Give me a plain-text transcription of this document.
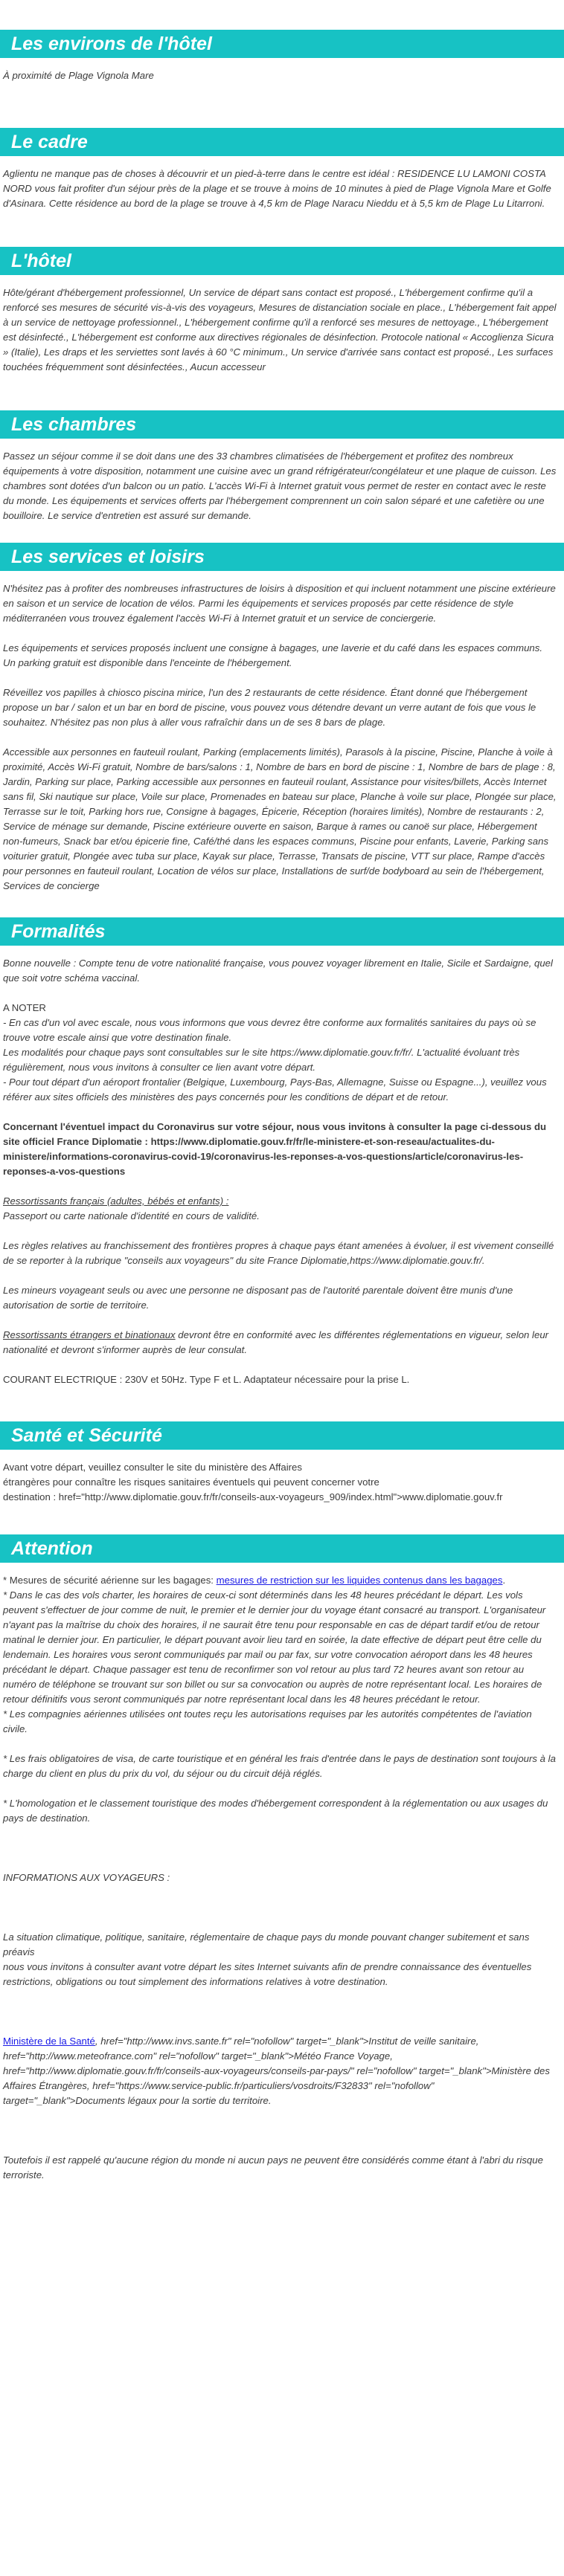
Les environs de l'hôtel

À proximité de Plage Vignola Mare

Le cadre

Aglientu ne manque pas de choses à découvrir et un pied-à-terre dans le centre est idéal : RESIDENCE LU LAMONI COSTA NORD vous fait profiter d'un séjour près de la plage et se trouve à moins de 10 minutes à pied de Plage Vignola Mare et Golfe d'Asinara. Cette résidence au bord de la plage se trouve à 4,5 km de Plage Naracu Nieddu et à 5,5 km de Plage Lu Litarroni.

L'hôtel

Hôte/gérant d'hébergement professionnel, Un service de départ sans contact est proposé., L'hébergement confirme qu'il a renforcé ses mesures de sécurité vis-à-vis des voyageurs, Mesures de distanciation sociale en place., L'hébergement fait appel à un service de nettoyage professionnel., L'hébergement confirme qu'il a renforcé ses mesures de nettoyage., L'hébergement est désinfecté., L'hébergement est conforme aux directives régionales de désinfection. Protocole national « Accoglienza Sicura » (Italie), Les draps et les serviettes sont lavés à 60 °C minimum., Un service d'arrivée sans contact est proposé., Les surfaces touchées fréquemment sont désinfectées., Aucun accesseur

Les chambres

Passez un séjour comme il se doit dans une des 33 chambres climatisées de l'hébergement et profitez des nombreux équipements à votre disposition, notamment une cuisine avec un grand réfrigérateur/congélateur et une plaque de cuisson. Les chambres sont dotées d'un balcon ou un patio. L'accès Wi-Fi à Internet gratuit vous permet de rester en contact avec le reste du monde. Les équipements et services offerts par l'hébergement comprennent un coin salon séparé et une cafetière ou une bouilloire. Le service d'entretien est assuré sur demande.

Les services et loisirs

N'hésitez pas à profiter des nombreuses infrastructures de loisirs à disposition et qui incluent notamment une piscine extérieure en saison et un service de location de vélos. Parmi les équipements et services proposés par cette résidence de style méditerranéen vous trouvez également l'accès Wi-Fi à Internet gratuit et un service de conciergerie.

Les équipements et services proposés incluent une consigne à bagages, une laverie et du café dans les espaces communs. Un parking gratuit est disponible dans l'enceinte de l'hébergement.

Réveillez vos papilles à chiosco piscina mirice, l'un des 2 restaurants de cette résidence. Étant donné que l'hébergement propose un bar / salon et un bar en bord de piscine, vous pouvez vous détendre devant un verre autant de fois que vous le souhaitez. N'hésitez pas non plus à aller vous rafraîchir dans un de ses 8 bars de plage.

Accessible aux personnes en fauteuil roulant, Parking (emplacements limités), Parasols à la piscine, Piscine, Planche à voile à proximité, Accès Wi-Fi gratuit, Nombre de bars/salons : 1, Nombre de bars en bord de piscine : 1, Nombre de bars de plage : 8, Jardin, Parking sur place, Parking accessible aux personnes en fauteuil roulant, Assistance pour visites/billets, Accès Internet sans fil, Ski nautique sur place, Voile sur place, Promenades en bateau sur place, Planche à voile sur place, Plongée sur place, Terrasse sur le toit, Parking hors rue, Consigne à bagages, Épicerie, Réception (horaires limités), Nombre de restaurants : 2, Service de ménage sur demande, Piscine extérieure ouverte en saison, Barque à rames ou canoë sur place, Hébergement non-fumeurs, Snack bar et/ou épicerie fine, Café/thé dans les espaces communs, Piscine pour enfants, Laverie, Parking sans voiturier gratuit, Plongée avec tuba sur place, Kayak sur place, Terrasse, Transats de piscine, VTT sur place, Rampe d'accès pour personnes en fauteuil roulant, Location de vélos sur place, Installations de surf/de bodyboard au sein de l'hébergement, Services de concierge

Formalités

Bonne nouvelle : Compte tenu de votre nationalité française, vous pouvez voyager librement en Italie, Sicile et Sardaigne, quel que soit votre schéma vaccinal.

A NOTER

- En cas d'un vol avec escale, nous vous informons que vous devrez être conforme aux formalités sanitaires du pays où se trouve votre escale ainsi que votre destination finale.

Les modalités pour chaque pays sont consultables sur le site https://www.diplomatie.gouv.fr/fr/. L'actualité évoluant très régulièrement, nous vous invitons à consulter ce lien avant votre départ.

- Pour tout départ d'un aéroport frontalier (Belgique, Luxembourg, Pays-Bas, Allemagne, Suisse ou Espagne...), veuillez vous référer aux sites officiels des ministères des pays concernés pour les conditions de départ et de retour.

Concernant l'éventuel impact du Coronavirus sur votre séjour, nous vous invitons à consulter la page ci-dessous du site officiel France Diplomatie : https://www.diplomatie.gouv.fr/fr/le-ministere-et-son-reseau/actualites-du-ministere/informations-coronavirus-covid-19/coronavirus-les-reponses-a-vos-questions/article/coronavirus-les-reponses-a-vos-questions

Ressortissants français (adultes, bébés et enfants) :

Passeport ou carte nationale d'identité en cours de validité.

Les règles relatives au franchissement des frontières propres à chaque pays étant amenées à évoluer, il est vivement conseillé de se reporter à la rubrique "conseils aux voyageurs" du site France Diplomatie,https://www.diplomatie.gouv.fr/.

Les mineurs voyageant seuls ou avec une personne ne disposant pas de l'autorité parentale doivent être munis d'une autorisation de sortie de territoire.

Ressortissants étrangers et binationaux devront être en conformité avec les différentes réglementations en vigueur, selon leur nationalité et devront s'informer auprès de leur consulat.

COURANT ELECTRIQUE : 230V et 50Hz. Type F et L. Adaptateur nécessaire pour la prise L.

Santé et Sécurité

Avant votre départ, veuillez consulter le site du ministère des Affaires

étrangères pour connaître les risques sanitaires éventuels qui peuvent concerner votre

destination : href="http://www.diplomatie.gouv.fr/fr/conseils-aux-voyageurs_909/index.html">www.diplomatie.gouv.fr

Attention

* Mesures de sécurité aérienne sur les bagages: mesures de restriction sur les liquides contenus dans les bagages.

* Dans le cas des vols charter, les horaires de ceux-ci sont déterminés dans les 48 heures précédant le départ. Les vols peuvent s'effectuer de jour comme de nuit, le premier et le dernier jour du voyage étant consacré au transport. L'organisateur n'ayant pas la maîtrise du choix des horaires, il ne saurait être tenu pour responsable en cas de départ tardif et/ou de retour matinal le dernier jour. En particulier, le départ pouvant avoir lieu tard en soirée, la date effective de départ peut être celle du lendemain. Les horaires vous seront communiqués par mail ou par fax, sur votre convocation aéroport dans les 48 heures précédant le départ. Chaque passager est tenu de reconfirmer son vol retour au plus tard 72 heures avant son retour au numéro de téléphone se trouvant sur son billet ou sur sa convocation ou auprès de notre représentant local. Les horaires de retour définitifs vous seront communiqués par notre représentant local dans les 48 heures précédant le retour.

* Les compagnies aériennes utilisées ont toutes reçu les autorisations requises par les autorités compétentes de l'aviation civile.

* Les frais obligatoires de visa, de carte touristique et en général les frais d'entrée dans le pays de destination sont toujours à la charge du client en plus du prix du vol, du séjour ou du circuit déjà réglés.

* L'homologation et le classement touristique des modes d'hébergement correspondent à la réglementation ou aux usages du pays de destination.

INFORMATIONS AUX VOYAGEURS :

La situation climatique, politique, sanitaire, réglementaire de chaque pays du monde pouvant changer subitement et sans préavis

nous vous invitons à consulter avant votre départ les sites Internet suivants afin de prendre connaissance des éventuelles restrictions, obligations ou tout simplement des informations relatives à votre destination.

Ministère de la Santé, href="http://www.invs.sante.fr" rel="nofollow" target="_blank">Institut de veille sanitaire, href="http://www.meteofrance.com" rel="nofollow" target="_blank">Météo France Voyage, href="http://www.diplomatie.gouv.fr/fr/conseils-aux-voyageurs/conseils-par-pays/" rel="nofollow" target="_blank">Ministère des Affaires Étrangères, href="https://www.service-public.fr/particuliers/vosdroits/F32833" rel="nofollow" target="_blank">Documents légaux pour la sortie du territoire.

Toutefois il est rappelé qu'aucune région du monde ni aucun pays ne peuvent être considérés comme étant à l'abri du risque terroriste.
